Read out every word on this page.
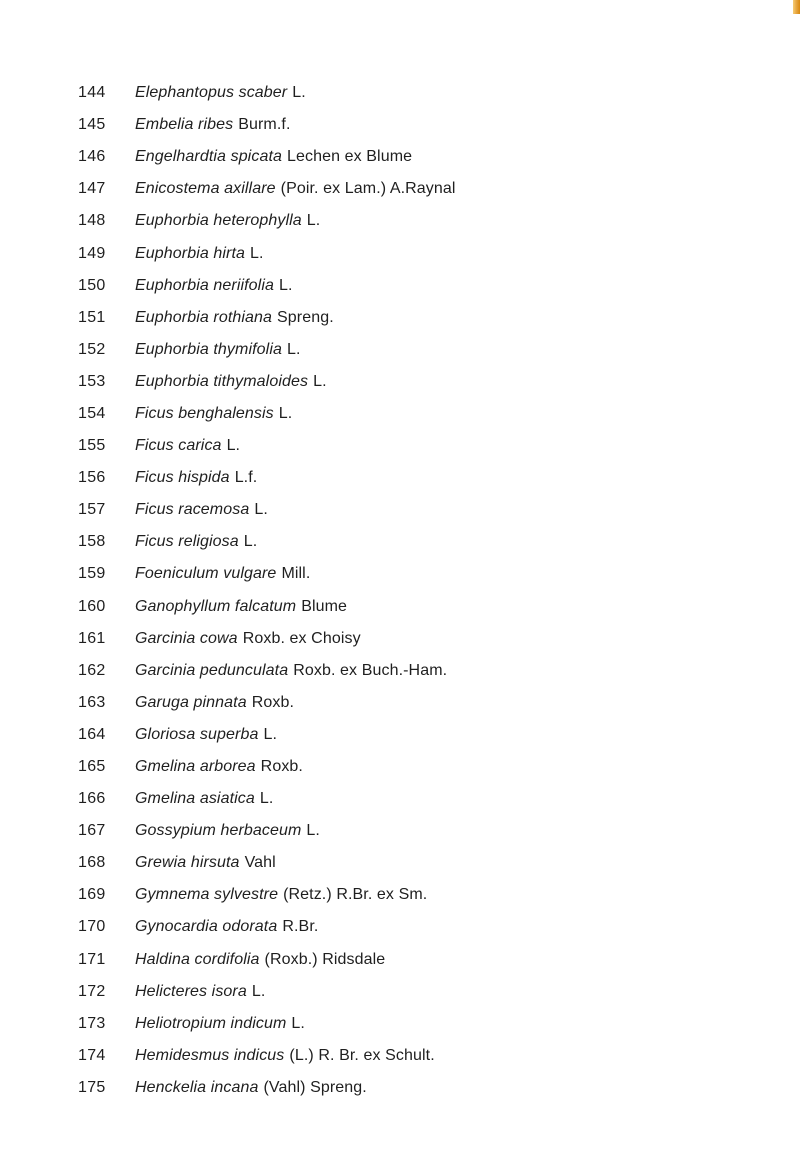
144	Elephantopus scaber L.
145	Embelia ribes Burm.f.
146	Engelhardtia spicata Lechen ex Blume
147	Enicostema axillare (Poir. ex Lam.) A.Raynal
148	Euphorbia heterophylla L.
149	Euphorbia hirta L.
150	Euphorbia neriifolia L.
151	Euphorbia rothiana Spreng.
152	Euphorbia thymifolia L.
153	Euphorbia tithymaloides L.
154	Ficus benghalensis L.
155	Ficus carica L.
156	Ficus hispida L.f.
157	Ficus racemosa L.
158	Ficus religiosa L.
159	Foeniculum vulgare Mill.
160	Ganophyllum falcatum Blume
161	Garcinia cowa Roxb. ex Choisy
162	Garcinia pedunculata Roxb. ex Buch.-Ham.
163	Garuga pinnata Roxb.
164	Gloriosa superba L.
165	Gmelina arborea Roxb.
166	Gmelina asiatica L.
167	Gossypium herbaceum L.
168	Grewia hirsuta Vahl
169	Gymnema sylvestre (Retz.) R.Br. ex Sm.
170	Gynocardia odorata R.Br.
171	Haldina cordifolia (Roxb.) Ridsdale
172	Helicteres isora L.
173	Heliotropium indicum L.
174	Hemidesmus indicus (L.) R. Br. ex Schult.
175	Henckelia incana (Vahl) Spreng.
